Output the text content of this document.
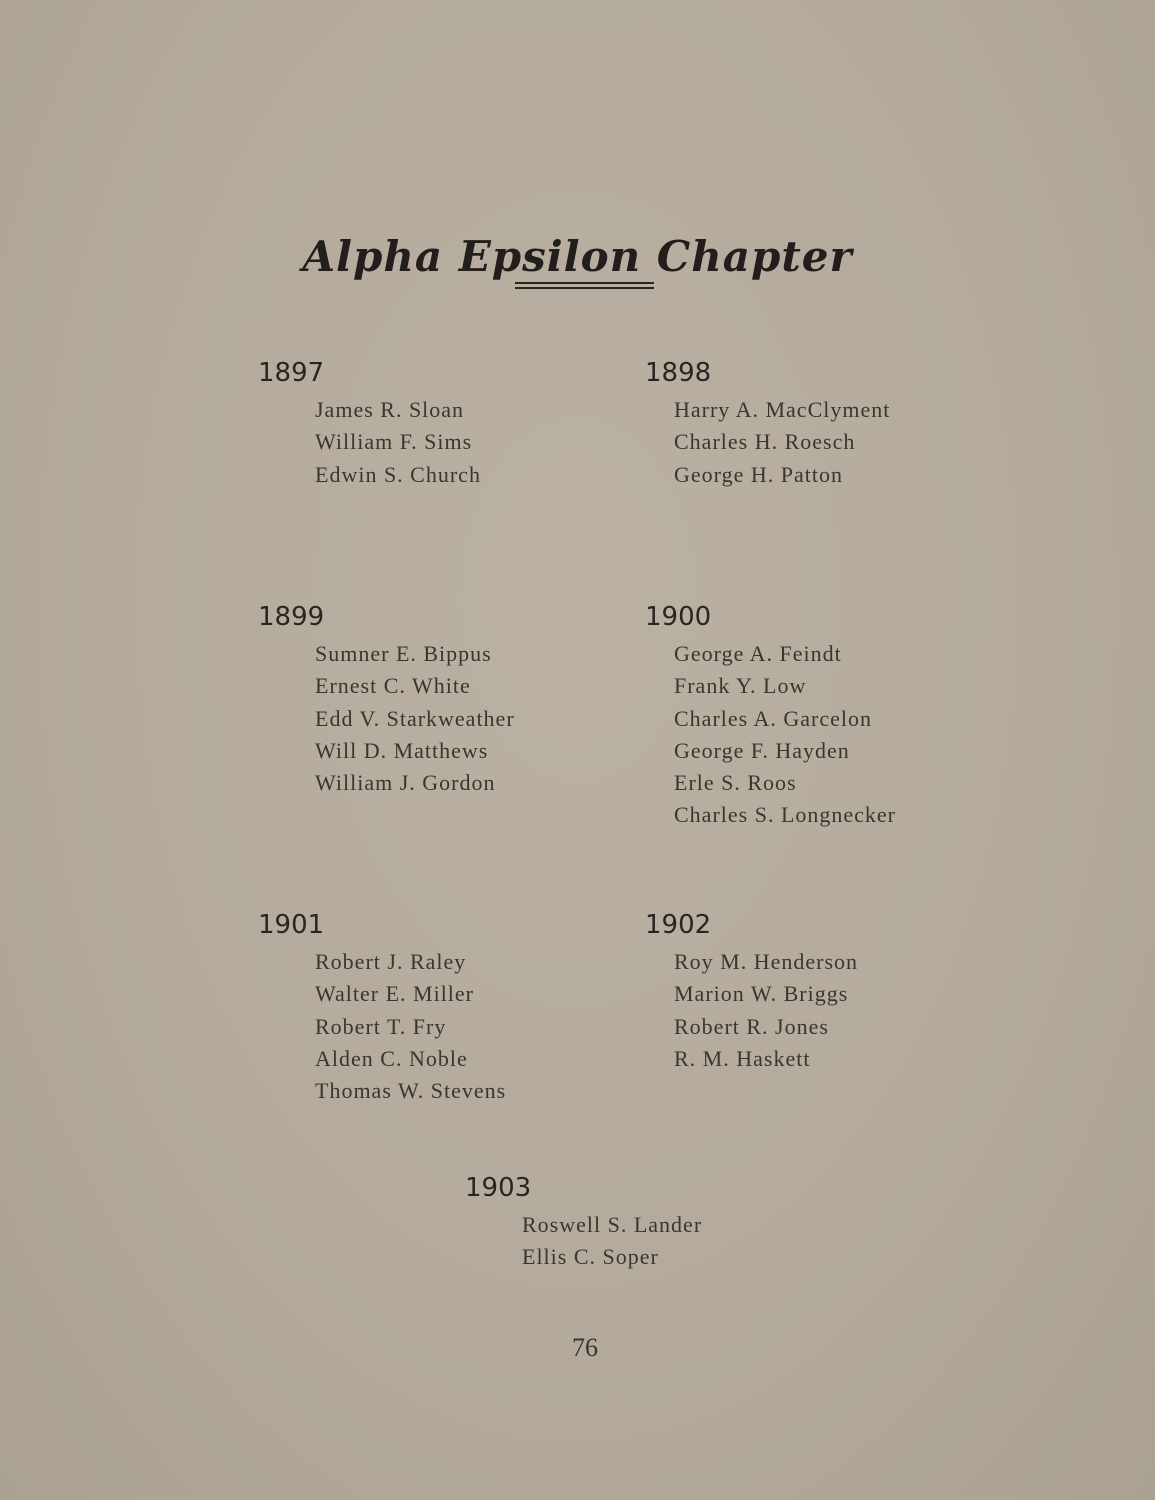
Alpha Epsilon Chapter
1897
James R. Sloan
William F. Sims
Edwin S. Church
1898
Harry A. MacClyment
Charles H. Roesch
George H. Patton
1899
Sumner E. Bippus
Ernest C. White
Edd V. Starkweather
Will D. Matthews
William J. Gordon
1900
George A. Feindt
Frank Y. Low
Charles A. Garcelon
George F. Hayden
Erle S. Roos
Charles S. Longnecker
1901
Robert J. Raley
Walter E. Miller
Robert T. Fry
Alden C. Noble
Thomas W. Stevens
1902
Roy M. Henderson
Marion W. Briggs
Robert R. Jones
R. M. Haskett
1903
Roswell S. Lander
Ellis C. Soper
76
